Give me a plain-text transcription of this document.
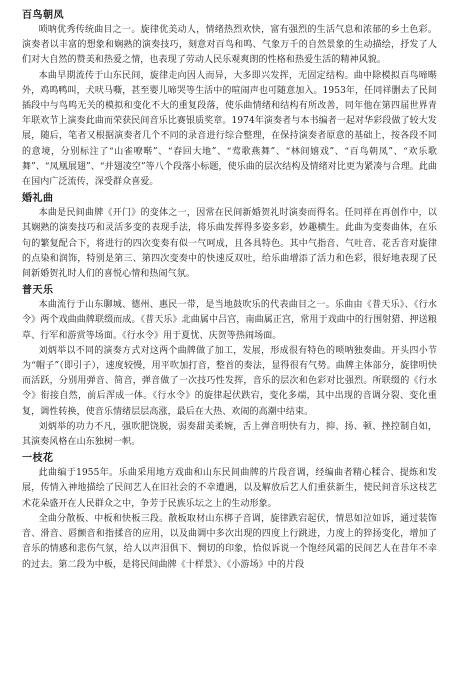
百鸟朝凤

唢呐优秀传统曲目之一。旋律优美动人，情绪热烈欢快，富有强烈的生活气息和浓郁的乡土色彩。演奏者以丰富的想象和娴熟的演奏技巧，刻意对百鸟和鸣、气象万千的自然景象的生动描绘，抒发了人们对大自然的赞美和热爱之情，也表现了劳动人民乐观爽朗的性格和热爱生活的精神风貌。

本曲早期流传于山东民间，旋律走向因人而异，大多即兴发挥，无固定结构。曲中除模拟百鸟啼啭外，鸡鸣鸭叫，犬吠马嘶，甚至婴儿啼哭等生活中的喧闹声也可随意加入。1953年，任同祥删去了民间插段中与鸟鸣无关的模拟和变化不大的重复段落，使乐曲情绪和结构有所改善，同年他在第四届世界青年联欢节上演奏此曲而荣获民间音乐比赛银质奖章。1974年演奏者与本书编者一起对华彩段做了较大发展，随后，笔者又根据演奏者几个不同的录音进行综合整理，在保持演奏者原意的基础上，按各段不同的意境，分别标注了“山雀嘹啭”、“春回大地”、“莺歌燕舞”、“林间嬉戏”、“百鸟朝凤”、“欢乐歌舞”、“凤凰展翅”、“并翅凌空”等八个段落小标题，使乐曲的层次结构及情绪对比更为紧凑与合理。此曲在国内广泛流传，深受群众喜爱。

婚礼曲

本曲是民间曲牌《开门》的变体之一，因常在民间新婚贺礼时演奏而得名。任同祥在再创作中，以其娴熟的演奏技巧和灵活多变的表现手法，将乐曲发挥得多姿多彩，妙趣横生。此曲为变奏曲体，在乐句的繁复配合下，将进行的四次变奏有似一气呵成，且各具特色。其中气指音、气吐音、花舌音对旋律的点染和润饰，特别是第三、第四次变奏中的快速反双吐，给乐曲增添了活力和色彩，很好地表现了民间新婚贺礼时人们的喜悦心情和热闹气氛。

普天乐

本曲流行于山东聊城、德州、惠民一带，是当地鼓吹乐的代表曲目之一。乐曲由《普天乐》、《行水令》两个戏曲曲牌联缀而成。《普天乐》北曲属中吕宫，南曲属正宫，常用于戏曲中的行围射猎、押送粮草、行军和游赏等场面。《行水令》用于夏忧、庆贺等热闹场面。

刘炳举以不同的演奏方式对这两个曲牌做了加工，发展，形成很有特色的唢呐独奏曲。开头四小节为“帽子”（即引子），速度较慢，用平吹加打音，整首的奏法，显得很有气势。曲牌主体部分，旋律明快而活跃，分别用弹音、简音，弹音做了一次技巧性发挥，音乐的层次和色彩对比强烈。所联缀的《行水令》衔接自然，前后浑成一体。《行水令》的旋律起伏跌宕，变化多端，其中出现的音调分裂、变化重复，调性转换，使音乐情绪层层高涨，最后在大热、欢闹的高潮中结束。

刘炳举的功力不凡，强吹肥饶脱，弱奏甜美柔婉，舌上弹音明快有力，抑、扬、顿、挫控制自如，其演奏风格在山东独树一帜。

一枝花

此曲编于1955年。乐曲采用地方戏曲和山东民间曲牌的片段音调，经编曲者精心糅合、提炼和发展，传情入神地描绘了民间艺人在旧社会的不幸遭遇，以及解放后艺人们重获新生，使民间音乐这枝艺术花朵盛开在人民群众之中，争芳于民族乐坛之上的生动形象。

全曲分散板、中板和快板三段。散板取材山东梆子音调，旋律跌宕起伏，情思如泣如诉，通过装饰音、滑音、唇颤音和指揉音的应用，以及曲调中多次出现的四度上行跳进，力度上的猝扬变化，增加了音乐的情感和悲伤气氛，给人以声泪俱下、惆切的印象，恰似诉说一个饱经风霜的民间艺人在昔年不幸的过去。第二段为中板，是将民间曲牌《十样景》、《小游场》中的片段
